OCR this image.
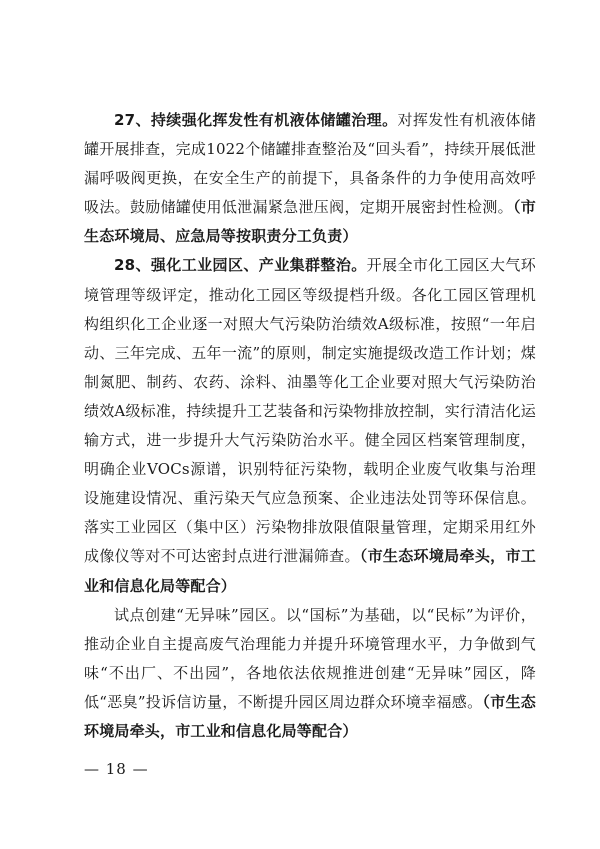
27、持续强化挥发性有机液体储罐治理。对挥发性有机液体储罐开展排查，完成1022个储罐排查整治及“回头看”，持续开展低泄漏呼吸阀更换，在安全生产的前提下，具备条件的力争使用高效呼吸法。鼓励储罐使用低泄漏紧急泄压阀，定期开展密封性检测。（市生态环境局、应急局等按职责分工负责）

28、强化工业园区、产业集群整治。开展全市化工园区大气环境管理等级评定，推动化工园区等级提档升级。各化工园区管理机构组织化工企业逐一对照大气污染防治绩效A级标准，按照“一年启动、三年完成、五年一流”的原则，制定实施提级改造工作计划；煤制氮肥、制药、农药、涂料、油墨等化工企业要对照大气污染防治绩效A级标准，持续提升工艺装备和污染物排放控制，实行清洁化运输方式，进一步提升大气污染防治水平。健全园区档案管理制度，明确企业VOCs源谱，识别特征污染物，载明企业废气收集与治理设施建设情况、重污染天气应急预案、企业违法处罚等环保信息。落实工业园区（集中区）污染物排放限值限量管理，定期采用红外成像仪等对不可达密封点进行泄漏筛查。（市生态环境局牵头，市工业和信息化局等配合）

试点创建“无异味”园区。以“国标”为基础，以“民标”为评价，推动企业自主提高废气治理能力并提升环境管理水平，力争做到气味“不出厂、不出园”，各地依法依规推进创建“无异味”园区，降低“恶臭”投诉信访量，不断提升园区周边群众环境幸福感。（市生态环境局牵头，市工业和信息化局等配合）

— 18 —
